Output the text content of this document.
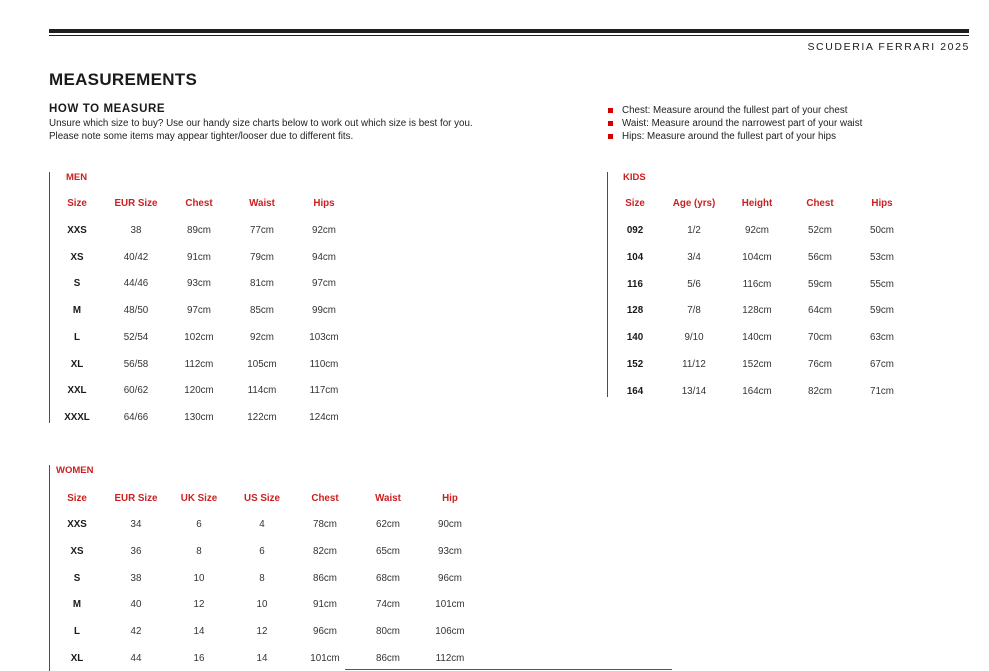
SCUDERIA FERRARI 2025
MEASUREMENTS
HOW TO MEASURE
Unsure which size to buy? Use our handy size charts below to work out which size is best for you.
Please note some items may appear tighter/looser due to different fits.
Chest: Measure around the fullest part of your chest
Waist: Measure around the narrowest part of your waist
Hips: Measure around the fullest part of your hips
MEN	KIDS
WOMEN
Size	EUR Size	Chest	Waist	Hips
XXS	38	89cm	77cm	92cm
XS	40/42	91cm	79cm	94cm
S	44/46	93cm	81cm	97cm
M	48/50	97cm	85cm	99cm
L	52/54	102cm	92cm	103cm
XL	56/58	112cm	105cm	110cm
XXL	60/62	120cm	114cm	117cm
XXXL	64/66	130cm	122cm	124cm
Size	Age (yrs)	Height	Chest	Hips
092	1/2	92cm	52cm	50cm
104	3/4	104cm	56cm	53cm
116	5/6	116cm	59cm	55cm
128	7/8	128cm	64cm	59cm
140	9/10	140cm	70cm	63cm
152	11/12	152cm	76cm	67cm
164	13/14	164cm	82cm	71cm
Size	EUR Size	UK Size	US Size	Chest	Waist	Hip
XXS	34	6	4	78cm	62cm	90cm
XS	36	8	6	82cm	65cm	93cm
S	38	10	8	86cm	68cm	96cm
M	40	12	10	91cm	74cm	101cm
L	42	14	12	96cm	80cm	106cm
XL	44	16	14	101cm	86cm	112cm
